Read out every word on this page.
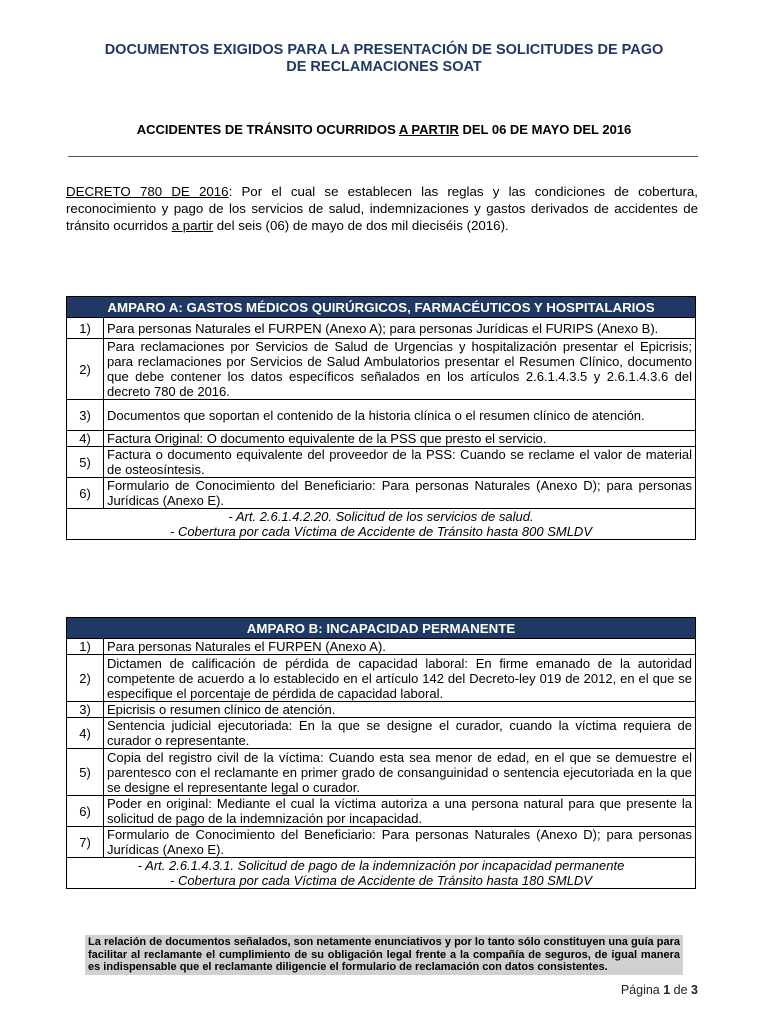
DOCUMENTOS EXIGIDOS PARA LA PRESENTACIÓN DE SOLICITUDES DE PAGO
DE RECLAMACIONES SOAT
ACCIDENTES DE TRÁNSITO OCURRIDOS A PARTIR DEL 06 DE MAYO DEL 2016
DECRETO 780 DE 2016: Por el cual se establecen las reglas y las condiciones de cobertura, reconocimiento y pago de los servicios de salud, indemnizaciones y gastos derivados de accidentes de tránsito ocurridos a partir del seis (06) de mayo de dos mil dieciséis (2016).
AMPARO A: GASTOS MÉDICOS QUIRÚRGICOS, FARMACÉUTICOS Y HOSPITALARIOS	
1)	Para personas Naturales el FURPEN (Anexo A); para personas Jurídicas el FURIPS (Anexo B).
2)	Para reclamaciones por Servicios de Salud de Urgencias y hospitalización presentar el Epicrisis; para reclamaciones por Servicios de Salud Ambulatorios presentar el Resumen Clínico, documento que debe contener los datos específicos señalados en los artículos 2.6.1.4.3.5 y 2.6.1.4.3.6 del decreto 780 de 2016.
3)	Documentos que soportan el contenido de la historia clínica o el resumen clínico de atención.
4)	Factura Original: O documento equivalente de la PSS que presto el servicio.
5)	Factura o documento equivalente del proveedor de la PSS: Cuando se reclame el valor de material de osteosíntesis.
6)	Formulario de Conocimiento del Beneficiario: Para personas Naturales (Anexo D); para personas Jurídicas (Anexo E).

- Art. 2.6.1.4.2.20. Solicitud de los servicios de salud.
- Cobertura por cada Víctima de Accidente de Tránsito hasta 800 SMLDV	
AMPARO B: INCAPACIDAD PERMANENTE	
1)	Para personas Naturales el FURPEN (Anexo A).
2)	Dictamen de calificación de pérdida de capacidad laboral: En firme emanado de la autoridad competente de acuerdo a lo establecido en el artículo 142 del Decreto-ley 019 de 2012, en el que se especifique el porcentaje de pérdida de capacidad laboral.
3)	Epicrisis o resumen clínico de atención.
4)	Sentencia judicial ejecutoriada: En la que se designe el curador, cuando la víctima requiera de curador o representante.
5)	Copia del registro civil de la víctima: Cuando esta sea menor de edad, en el que se demuestre el parentesco con el reclamante en primer grado de consanguinidad o sentencia ejecutoriada en la que se designe el representante legal o curador.
6)	Poder en original: Mediante el cual la víctima autoriza a una persona natural para que presente la solicitud de pago de la indemnización por incapacidad.
7)	Formulario de Conocimiento del Beneficiario: Para personas Naturales (Anexo D); para personas Jurídicas (Anexo E).

- Art. 2.6.1.4.3.1. Solicitud de pago de la indemnización por incapacidad permanente
- Cobertura por cada Víctima de Accidente de Tránsito hasta 180 SMLDV	
La relación de documentos señalados, son netamente enunciativos y por lo tanto sólo constituyen una guía para facilitar al reclamante el cumplimiento de su obligación legal frente a la compañía de seguros, de igual manera es indispensable que el reclamante diligencie el formulario de reclamación con datos consistentes.
Página 1 de 3
